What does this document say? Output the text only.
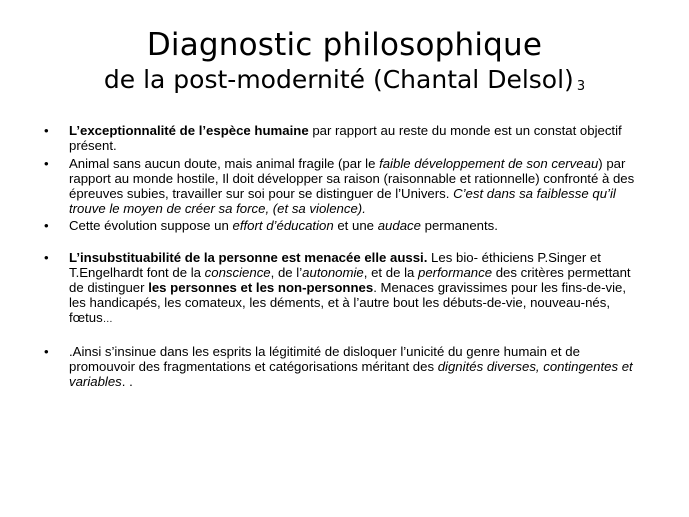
Diagnostic philosophique
de la post-modernité (Chantal Delsol) 3
• L’exceptionnalité de l’espèce humaine par rapport au reste du monde est un constat objectif présent.
• Animal sans aucun doute, mais animal fragile (par le faible développement de son cerveau) par rapport au monde hostile, Il doit développer sa raison (raisonnable et rationnelle) confronté à des épreuves subies, travailler sur soi pour se distinguer de l’Univers. C’est dans sa faiblesse qu’il trouve le moyen de créer sa force, (et sa violence).
• Cette évolution suppose un effort d’éducation et une audace permanents.
• L’insubstituabilité de la personne est menacée elle aussi. Les bio- éthiciens P.Singer et T.Engelhardt font de la conscience, de l’autonomie, et de la performance des critères permettant de distinguer les personnes et les non-personnes. Menaces gravissimes pour les fins-de-vie, les handicapés, les comateux, les déments, et à l’autre bout les débuts-de-vie, nouveau-nés, fœtus…
• .Ainsi s’insinue dans les esprits la légitimité de disloquer l’unicité du genre humain et de promouvoir des fragmentations et catégorisations méritant des dignités diverses, contingentes et variables. .
